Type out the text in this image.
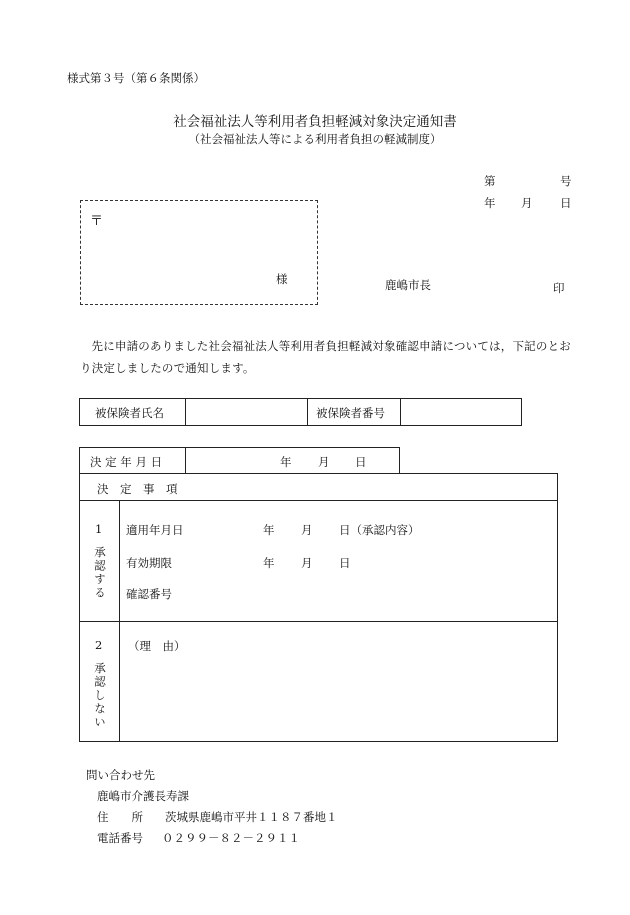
様式第３号（第６条関係）
社会福祉法人等利用者負担軽減対象決定通知書
（社会福祉法人等による利用者負担の軽減制度）
第	号
年 月 日
〒
様	鹿嶋市長	印
先に申請のありました社会福祉法人等利用者負担軽減対象確認申請については，下記のとおり決定しましたので通知します。
被保険者氏名	被保険者番号
決 定 年 月 日	年 月 日
決　定　事　項
1
承認する
適用年月日	年 月 日（承認内容）
有効期限	年 月 日
確認番号
2
承認しない
（理　由）
問い合わせ先
鹿嶋市介護長寿課
住　　所 茨城県鹿嶋市平井１１８７番地１
電話番号 ０２９９－８２－２９１１
